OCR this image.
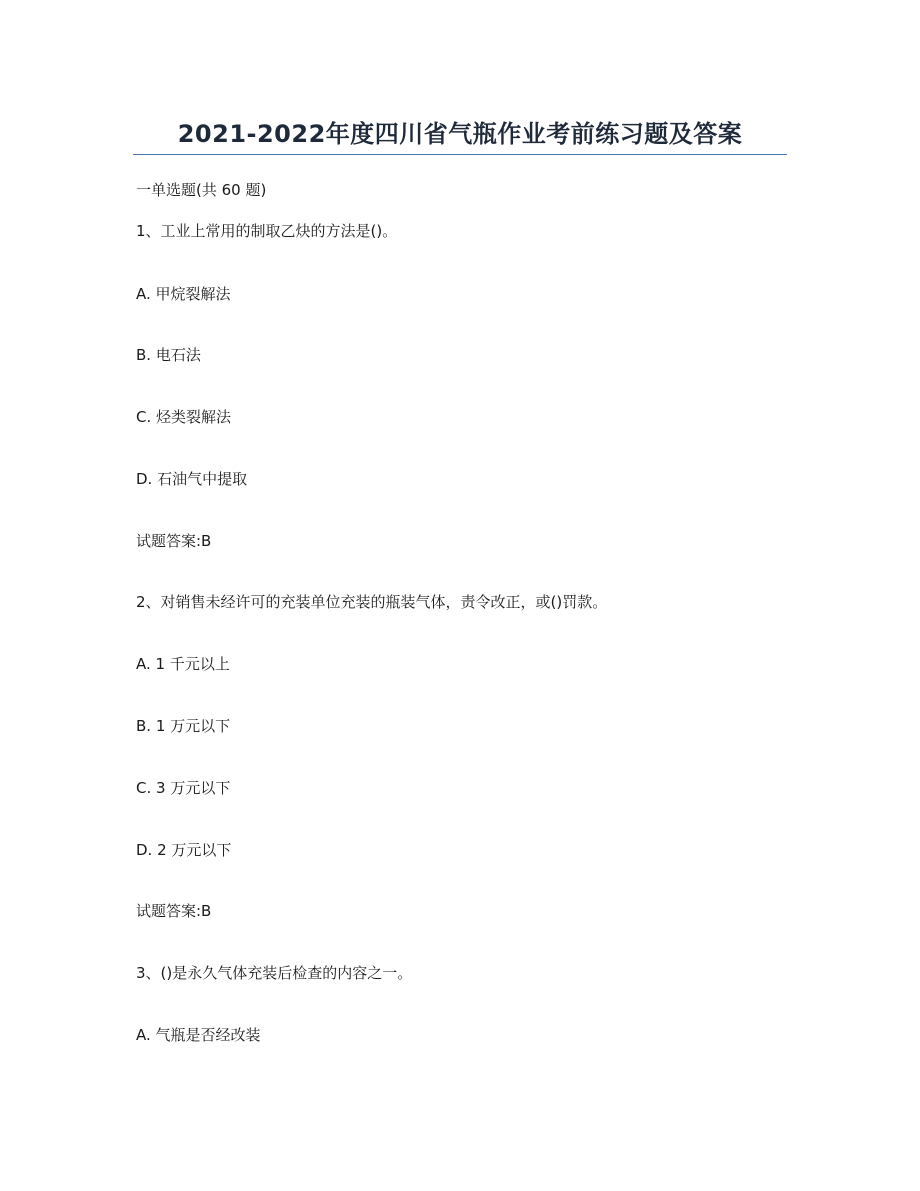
2021-2022年度四川省气瓶作业考前练习题及答案
一单选题(共 60 题)
1、工业上常用的制取乙炔的方法是()。
A. 甲烷裂解法
B. 电石法
C. 烃类裂解法
D. 石油气中提取
试题答案:B
2、对销售未经许可的充装单位充装的瓶装气体，责令改正，或()罚款。
A. 1 千元以上
B. 1 万元以下
C. 3 万元以下
D. 2 万元以下
试题答案:B
3、()是永久气体充装后检查的内容之一。
A. 气瓶是否经改装
